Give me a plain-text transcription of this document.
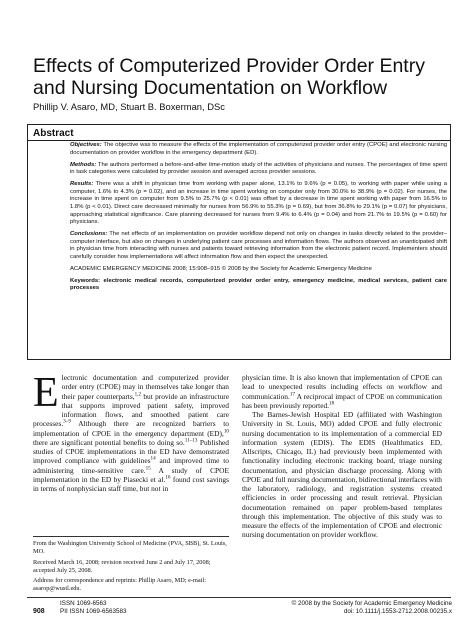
Effects of Computerized Provider Order Entry and Nursing Documentation on Workflow
Phillip V. Asaro, MD, Stuart B. Boxerman, DSc
Abstract

Objectives: The objective was to measure the effects of the implementation of computerized provider order entry (CPOE) and electronic nursing documentation on provider workflow in the emergency department (ED).

Methods: The authors performed a before-and-after time-motion study of the activities of physicians and nurses. The percentages of time spent in task categories were calculated by provider session and averaged across provider sessions.

Results: There was a shift in physician time from working with paper alone, 13.1% to 9.6% (p = 0.05), to working with paper while using a computer, 1.6% to 4.3% (p = 0.02), and an increase in time spent working on computer only from 30.0% to 38.9% (p = 0.02). For nurses, the increase in time spent on computer from 9.5% to 25.7% (p < 0.01) was offset by a decrease in time spent working with paper from 16.5% to 1.8% (p < 0.01). Direct care decreased minimally for nurses from 56.9% to 55.3% (p = 0.69), but from 36.8% to 29.1% (p = 0.07) for physicians, approaching statistical significance. Care planning decreased for nurses from 9.4% to 6.4% (p = 0.04) and from 21.7% to 19.5% (p = 0.60) for physicians.

Conclusions: The net effects of an implementation on provider workflow depend not only on changes in tasks directly related to the provider–computer interface, but also on changes in underlying patient care processes and information flows. The authors observed an unanticipated shift in physician time from interacting with nurses and patients toward retrieving information from the electronic patient record. Implementers should carefully consider how implementations will affect information flow and then expect the unexpected.

ACADEMIC EMERGENCY MEDICINE 2008; 15:908–915 © 2008 by the Society for Academic Emergency Medicine

Keywords: electronic medical records, computerized provider order entry, emergency medicine, medical services, patient care processes

Electronic documentation and computerized provider order entry (CPOE) may in themselves take longer than their paper counterparts,$^{1,2}$ but provide an infrastructure that supports improved patient safety, improved information flows, and smoothed patient care processes.$^{3-9}$ Although there are recognized barriers to implementation of CPOE in the emergency department (ED),$^{10}$ there are significant potential benefits to doing so.$^{11-13}$ Published studies of CPOE implementations in the ED have demonstrated improved compliance with guidelines$^{14}$ and improved time to administering time-sensitive care.$^{15}$ A study of CPOE implementation in the ED by Piasecki et al.$^{16}$ found cost savings in terms of nonphysician staff time, but not in

physician time. It is also known that implementation of CPOE can lead to unexpected results including effects on workflow and communication.$^{17}$ A reciprocal impact of CPOE on communication has been previously reported.$^{18}$

The Barnes-Jewish Hospital ED (affiliated with Washington University in St. Louis, MO) added CPOE and fully electronic nursing documentation to its implementation of a commercial ED information system (EDIS). The EDIS (Healthmatics ED, Allscripts, Chicago, IL) had previously been implemented with functionality including electronic tracking board, triage nursing documentation, and physician discharge processing. Along with CPOE and full nursing documentation, bidirectional interfaces with the laboratory, radiology, and registration systems created efficiencies in order processing and result retrieval. Physician documentation remained on paper problem-based templates through this implementation. The objective of this study was to measure the effects of the implementation of CPOE and electronic nursing documentation on provider workflow.

From the Washington University School of Medicine (PVA, SBB), St. Louis, MO.

Received March 16, 2008; revision received June 2 and July 17, 2008; accepted July 25, 2008.

Address for correspondence and reprints: Phillip Asaro, MD; e-mail: asarop@wustl.edu.

908
ISSN 1069-6563
PII ISSN 1069-6563583
© 2008 by the Society for Academic Emergency Medicine
doi: 10.1111/j.1553-2712.2008.00235.x
